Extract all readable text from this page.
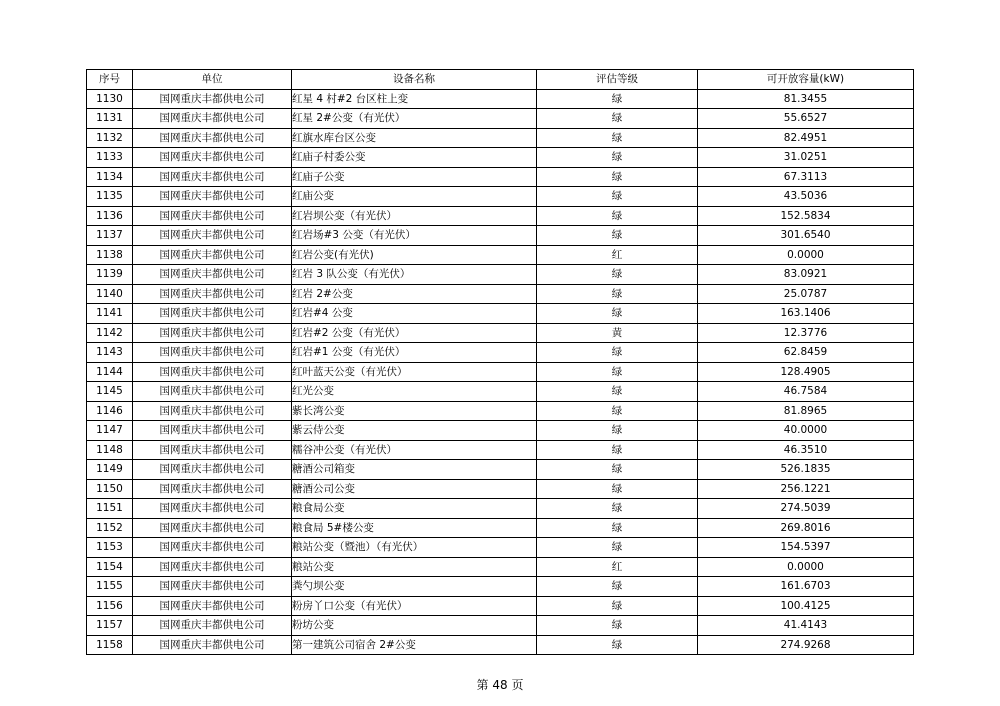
序号	单位	设备名称	评估等级	可开放容量(kW)
1130	国网重庆丰都供电公司	红星 4 村#2 台区柱上变	绿	81.3455
1131	国网重庆丰都供电公司	红星 2#公变（有光伏）	绿	55.6527
1132	国网重庆丰都供电公司	红旗水库台区公变	绿	82.4951
1133	国网重庆丰都供电公司	红庙子村委公变	绿	31.0251
1134	国网重庆丰都供电公司	红庙子公变	绿	67.3113
1135	国网重庆丰都供电公司	红庙公变	绿	43.5036
1136	国网重庆丰都供电公司	红岩坝公变（有光伏）	绿	152.5834
1137	国网重庆丰都供电公司	红岩场#3 公变（有光伏）	绿	301.6540
1138	国网重庆丰都供电公司	红岩公变(有光伏)	红	0.0000
1139	国网重庆丰都供电公司	红岩 3 队公变（有光伏）	绿	83.0921
1140	国网重庆丰都供电公司	红岩 2#公变	绿	25.0787
1141	国网重庆丰都供电公司	红岩#4 公变	绿	163.1406
1142	国网重庆丰都供电公司	红岩#2 公变（有光伏）	黄	12.3776
1143	国网重庆丰都供电公司	红岩#1 公变（有光伏）	绿	62.8459
1144	国网重庆丰都供电公司	红叶蓝天公变（有光伏）	绿	128.4905
1145	国网重庆丰都供电公司	红光公变	绿	46.7584
1146	国网重庆丰都供电公司	紫长湾公变	绿	81.8965
1147	国网重庆丰都供电公司	紫云侍公变	绿	40.0000
1148	国网重庆丰都供电公司	糯谷冲公变（有光伏）	绿	46.3510
1149	国网重庆丰都供电公司	糖酒公司箱变	绿	526.1835
1150	国网重庆丰都供电公司	糖酒公司公变	绿	256.1221
1151	国网重庆丰都供电公司	粮食局公变	绿	274.5039
1152	国网重庆丰都供电公司	粮食局 5#楼公变	绿	269.8016
1153	国网重庆丰都供电公司	粮站公变（暨池）（有光伏）	绿	154.5397
1154	国网重庆丰都供电公司	粮站公变	红	0.0000
1155	国网重庆丰都供电公司	粪勺坝公变	绿	161.6703
1156	国网重庆丰都供电公司	粉房丫口公变（有光伏）	绿	100.4125
1157	国网重庆丰都供电公司	粉坊公变	绿	41.4143
1158	国网重庆丰都供电公司	第一建筑公司宿舍 2#公变	绿	274.9268
第 48 页
